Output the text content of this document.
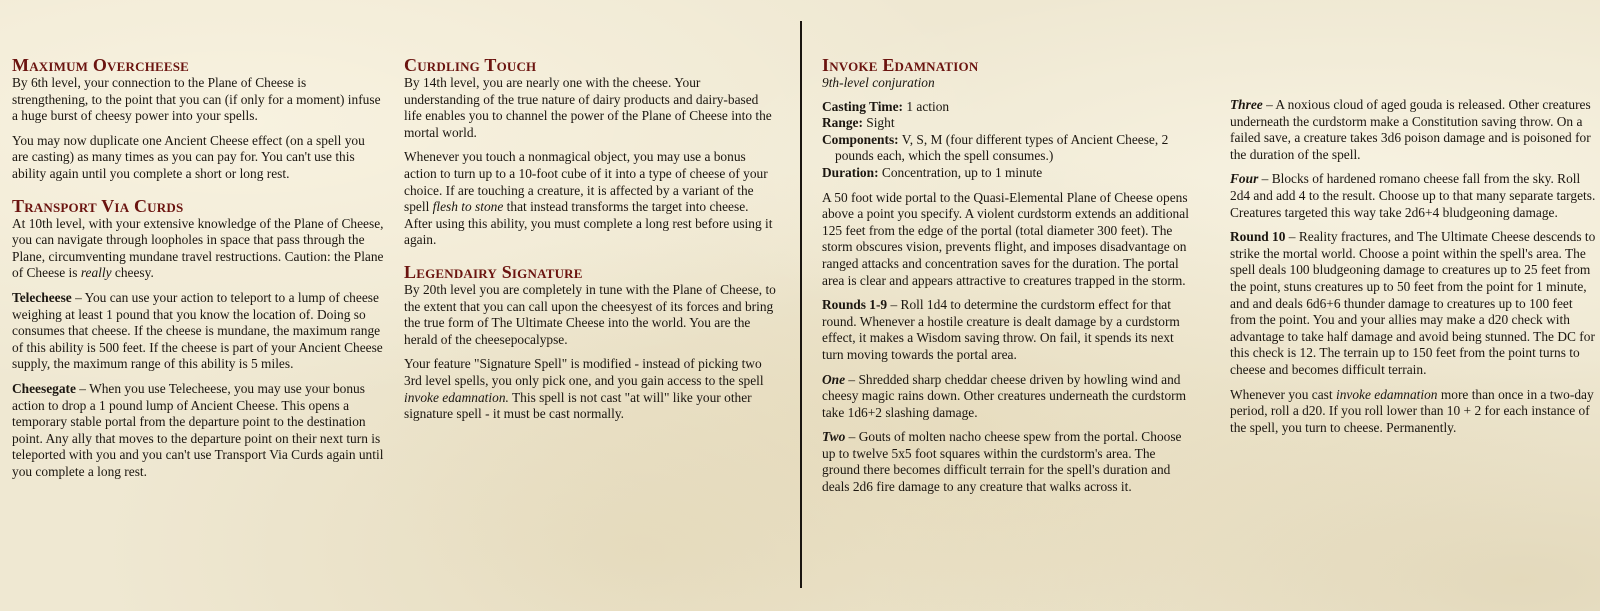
Maximum Overcheese

By 6th level, your connection to the Plane of Cheese is strengthening, to the point that you can (if only for a moment) infuse a huge burst of cheesy power into your spells.

You may now duplicate one Ancient Cheese effect (on a spell you are casting) as many times as you can pay for. You can't use this ability again until you complete a short or long rest.

Transport Via Curds

At 10th level, with your extensive knowledge of the Plane of Cheese, you can navigate through loopholes in space that pass through the Plane, circumventing mundane travel restructions. Caution: the Plane of Cheese is really cheesy.

Telecheese – You can use your action to teleport to a lump of cheese weighing at least 1 pound that you know the location of. Doing so consumes that cheese. If the cheese is mundane, the maximum range of this ability is 500 feet. If the cheese is part of your Ancient Cheese supply, the maximum range of this ability is 5 miles.

Cheesegate – When you use Telecheese, you may use your bonus action to drop a 1 pound lump of Ancient Cheese. This opens a temporary stable portal from the departure point to the destination point. Any ally that moves to the departure point on their next turn is teleported with you and you can't use Transport Via Curds again until you complete a long rest.

Curdling Touch

By 14th level, you are nearly one with the cheese. Your understanding of the true nature of dairy products and dairy-based life enables you to channel the power of the Plane of Cheese into the mortal world.

Whenever you touch a nonmagical object, you may use a bonus action to turn up to a 10-foot cube of it into a type of cheese of your choice. If are touching a creature, it is affected by a variant of the spell flesh to stone that instead transforms the target into cheese. After using this ability, you must complete a long rest before using it again.

Legendairy Signature

By 20th level you are completely in tune with the Plane of Cheese, to the extent that you can call upon the cheesyest of its forces and bring the true form of The Ultimate Cheese into the world. You are the herald of the cheesepocalypse.

Your feature "Signature Spell" is modified - instead of picking two 3rd level spells, you only pick one, and you gain access to the spell invoke edamnation. This spell is not cast "at will" like your other signature spell - it must be cast normally.

Invoke Edamnation
9th-level conjuration
Casting Time: 1 action
Range: Sight
Components: V, S, M (four different types of Ancient Cheese, 2 pounds each, which the spell consumes.)
Duration: Concentration, up to 1 minute

A 50 foot wide portal to the Quasi-Elemental Plane of Cheese opens above a point you specify. A violent curdstorm extends an additional 125 feet from the edge of the portal (total diameter 300 feet). The storm obscures vision, prevents flight, and imposes disadvantage on ranged attacks and concentration saves for the duration. The portal area is clear and appears attractive to creatures trapped in the storm.

Rounds 1-9 – Roll 1d4 to determine the curdstorm effect for that round. Whenever a hostile creature is dealt damage by a curdstorm effect, it makes a Wisdom saving throw. On fail, it spends its next turn moving towards the portal area.

One – Shredded sharp cheddar cheese driven by howling wind and cheesy magic rains down. Other creatures underneath the curdstorm take 1d6+2 slashing damage.

Two – Gouts of molten nacho cheese spew from the portal. Choose up to twelve 5x5 foot squares within the curdstorm's area. The ground there becomes difficult terrain for the spell's duration and deals 2d6 fire damage to any creature that walks across it.

Three – A noxious cloud of aged gouda is released. Other creatures underneath the curdstorm make a Constitution saving throw. On a failed save, a creature takes 3d6 poison damage and is poisoned for the duration of the spell.

Four – Blocks of hardened romano cheese fall from the sky. Roll 2d4 and add 4 to the result. Choose up to that many separate targets. Creatures targeted this way take 2d6+4 bludgeoning damage.

Round 10 – Reality fractures, and The Ultimate Cheese descends to strike the mortal world. Choose a point within the spell's area. The spell deals 100 bludgeoning damage to creatures up to 25 feet from the point, stuns creatures up to 50 feet from the point for 1 minute, and and deals 6d6+6 thunder damage to creatures up to 100 feet from the point. You and your allies may make a d20 check with advantage to take half damage and avoid being stunned. The DC for this check is 12. The terrain up to 150 feet from the point turns to cheese and becomes difficult terrain.

Whenever you cast invoke edamnation more than once in a two-day period, roll a d20. If you roll lower than 10 + 2 for each instance of the spell, you turn to cheese. Permanently.
